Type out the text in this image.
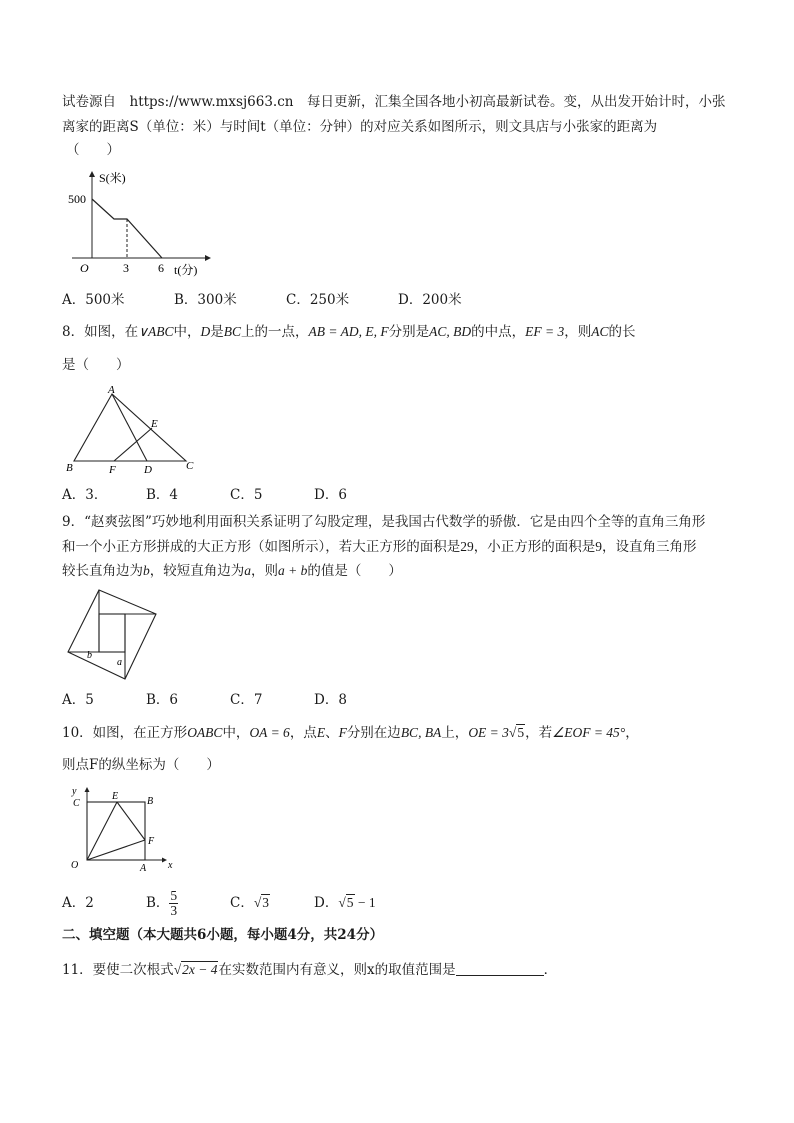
试卷源自　https://www.mxsj663.cn　每日更新，汇集全国各地小初高最新试卷。变，从出发开始计时，小张
离家的距离S（单位：米）与时间t（单位：分钟）的对应关系如图所示，则文具店与小张家的距离为
（　　）
S(米)
500
O	3 6 t(分)
A．500米	B．300米	C．250米	D．200米
8．如图，在∨ABC中，D是BC上的一点，AB = AD, E, F分别是AC, BD的中点，EF = 3，则AC的长
是（　　）
A
B	C
D
E
F
A．3．	B．4	C．5	D．6
9．“赵爽弦图”巧妙地利用面积关系证明了勾股定理，是我国古代数学的骄傲．它是由四个全等的直角三角形
和一个小正方形拼成的大正方形（如图所示），若大正方形的面积是29，小正方形的面积是9，设直角三角形
较长直角边为b，较短直角边为a，则a + b的值是（　　）
b
a
A．5	B．6	C．7	D．8
10．如图，在正方形OABC中，OA = 6，点E、F分别在边BC, BA上，OE = 3√5，若∠EOF = 45°，
则点F的纵坐标为（　　）
y
x
O	A
B
C
E
F
A．2	B． $\frac{5}{3}$	C．√3	D．√5 − 1
二、填空题（本大题共6小题，每小题4分，共24分）
11．要使二次根式√2x − 4在实数范围内有意义，则x的取值范围是	．
